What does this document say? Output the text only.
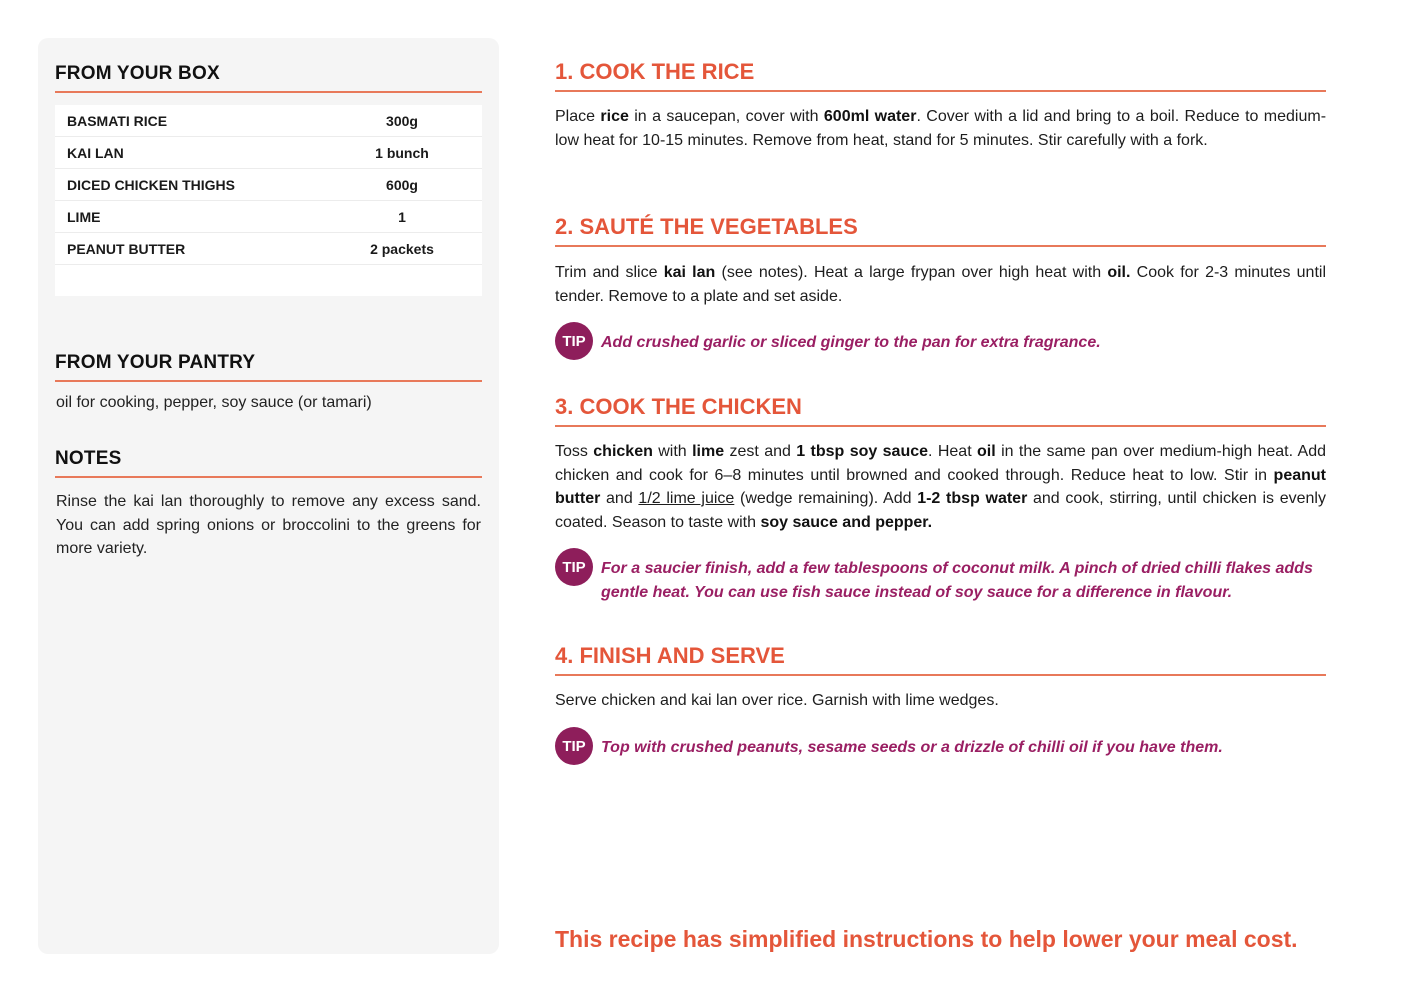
FROM YOUR BOX
BASMATI RICE	300g
KAI LAN	1 bunch
DICED CHICKEN THIGHS	600g
LIME	1
PEANUT BUTTER	2 packets

FROM YOUR PANTRY
oil for cooking, pepper, soy sauce (or tamari)
NOTES
Rinse the kai lan thoroughly to remove any excess sand. You can add spring onions or broccolini to the greens for more variety.
1. COOK THE RICE
Place rice in a saucepan, cover with 600ml water. Cover with a lid and bring to a boil. Reduce to medium-low heat for 10-15 minutes. Remove from heat, stand for 5 minutes. Stir carefully with a fork.
2. SAUTÉ THE VEGETABLES
Trim and slice kai lan (see notes). Heat a large frypan over high heat with oil. Cook for 2-3 minutes until tender. Remove to a plate and set aside.
TIP Add crushed garlic or sliced ginger to the pan for extra fragrance.
3. COOK THE CHICKEN
Toss chicken with lime zest and 1 tbsp soy sauce. Heat oil in the same pan over medium-high heat. Add chicken and cook for 6–8 minutes until browned and cooked through. Reduce heat to low. Stir in peanut butter and 1/2 lime juice (wedge remaining). Add 1-2 tbsp water and cook, stirring, until chicken is evenly coated. Season to taste with soy sauce and pepper.
TIP For a saucier finish, add a few tablespoons of coconut milk. A pinch of dried chilli flakes adds gentle heat. You can use fish sauce instead of soy sauce for a difference in flavour.
4. FINISH AND SERVE
Serve chicken and kai lan over rice. Garnish with lime wedges.
TIP Top with crushed peanuts, sesame seeds or a drizzle of chilli oil if you have them.
This recipe has simplified instructions to help lower your meal cost.
